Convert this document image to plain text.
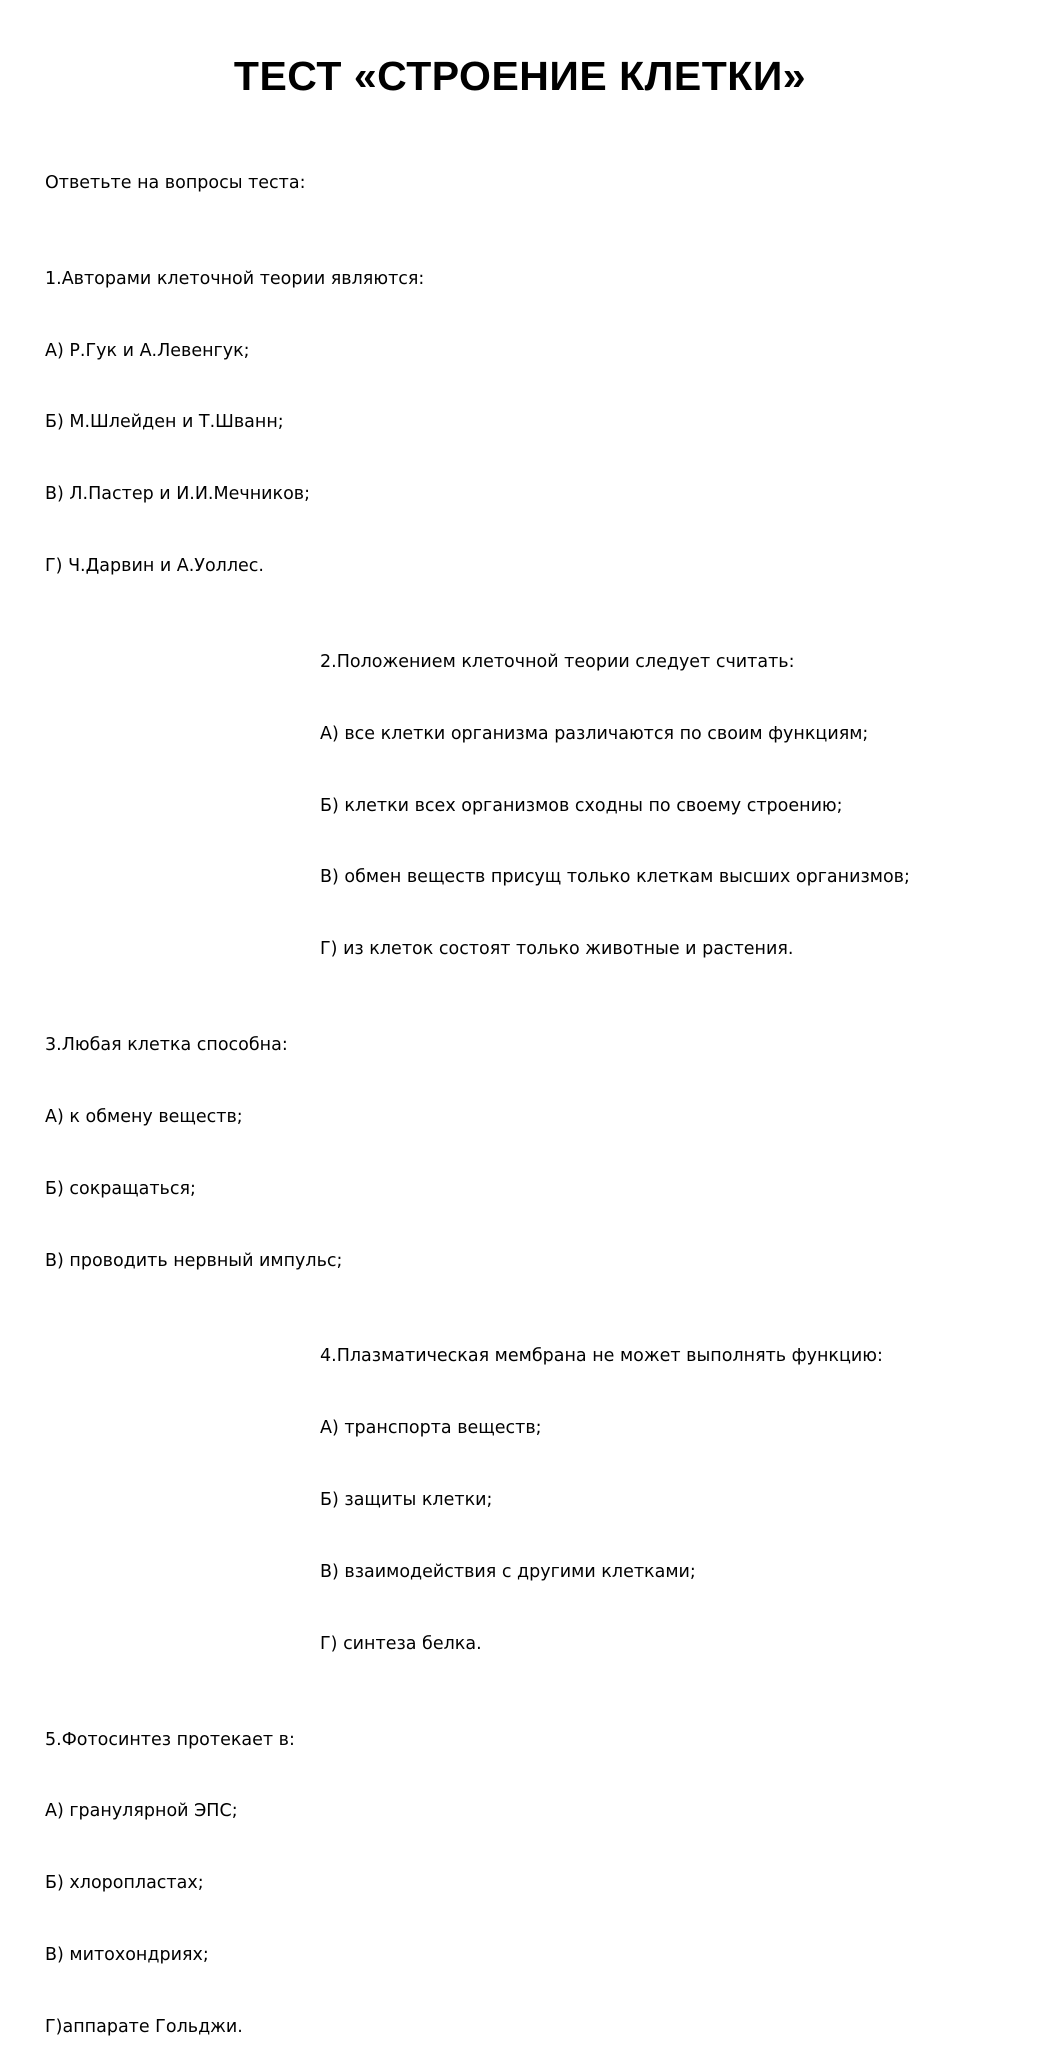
ТЕСТ «СТРОЕНИЕ КЛЕТКИ»

Ответьте на вопросы теста:

1.Авторами клеточной теории являются:

А) Р.Гук и А.Левенгук;

Б) М.Шлейден и Т.Шванн;

В) Л.Пастер и И.И.Мечников;

Г) Ч.Дарвин и А.Уоллес.

2.Положением клеточной теории следует считать:

А) все клетки организма различаются по своим функциям;

Б) клетки всех организмов сходны по своему строению;

В) обмен веществ присущ только клеткам высших организмов;

Г) из клеток состоят только животные и растения.

3.Любая клетка способна:

А) к обмену веществ;

Б) сокращаться;

В) проводить нервный импульс;

4.Плазматическая мембрана не может выполнять функцию:

А) транспорта веществ;

Б) защиты клетки;

В) взаимодействия с другими клетками;

Г) синтеза белка.

5.Фотосинтез протекает в:

А) гранулярной ЭПС;

Б) хлоропластах;

В) митохондриях;

Г)аппарате Гольджи.
